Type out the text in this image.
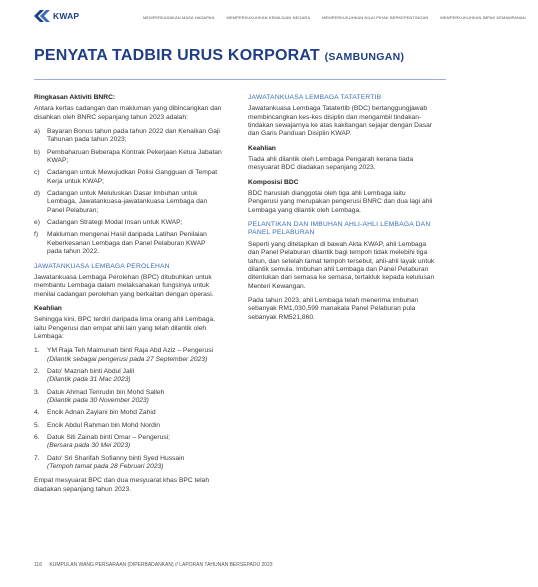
KWAP	MEMPERKASAKAN MASA HADAPAN	MEMPERKUKUHKAN KEMAJUAN NEGARA	MEMPERKUKUHKAN NILAI PIHAK BERKEPENTINGAN	MEMPERKUKUHKAN IMPAK KEMAMPANAN
PENYATA TADBIR URUS KORPORAT (SAMBUNGAN)
Ringkasan Aktiviti BNRC:

Antara kertas cadangan dan makluman yang dibincangkan dan disahkan oleh BNRC sepanjang tahun 2023 adalah:

a) Bayaran Bonus tahun pada tahun 2022 dan Kenaikan Gaji Tahunan pada tahun 2023;
b) Pembaharuan Beberapa Kontrak Pekerjaan Ketua Jabatan KWAP;
c) Cadangan untuk Mewujudkan Polisi Gangguan di Tempat Kerja untuk KWAP;
d) Cadangan untuk Meluluskan Dasar Imbuhan untuk Lembaga, Jawatankuasa-jawatankuasa Lembaga dan Panel Pelaburan;
e) Cadangan Strategi Modal Insan untuk KWAP;
f) Makluman mengenai Hasil daripada Latihan Penilaian Keberkesanan Lembaga dan Panel Pelaburan KWAP pada tahun 2022.
JAWATANKUASA LEMBAGA PEROLEHAN

Jawatankuasa Lembaga Perolehan (BPC) ditubuhkan untuk membantu Lembaga dalam melaksanakan fungsinya untuk menilai cadangan perolehan yang berkaitan dengan operasi.

Keahlian

Sehingga kini, BPC terdiri daripada lima orang ahli Lembaga, iaitu Pengerusi dan empat ahli lain yang telah dilantik oleh Lembaga:

1. YM Raja Teh Maimunah binti Raja Abd Aziz – Pengerusi
(Dilantik sebagai pengerusi pada 27 September 2023)
2. Dato' Maznah binti Abdul Jalil
(Dilantik pada 31 Mac 2023)
3. Datuk Ahmad Terirudin bin Mohd Salleh
(Dilantik pada 30 November 2023)
4. Encik Adnan Zaylani bin Mohd Zahid
5. Encik Abdul Rahman bin Mohd Nordin
6. Datuk Siti Zainab binti Omar – Pengerusi;
(Bersara pada 30 Mei 2023)
7. Dato' Sri Sharifah Sofianny binti Syed Hussain
(Tempoh tamat pada 28 Februari 2023)

Empat mesyuarat BPC dan dua mesyuarat khas BPC telah diadakan sepanjang tahun 2023.

JAWATANKUASA LEMBAGA TATATERTIB

Jawatankuasa Lembaga Tatatertib (BDC) bertanggungjawab membincangkan kes-kes disiplin dan mengambil tindakan-tindakan sewajarnya ke atas kakitangan sejajar dengan Dasar dan Garis Panduan Disiplin KWAP.

Keahlian

Tiada ahli dilantik oleh Lembaga Pengarah kerana tiada mesyuarat BDC diadakan sepanjang 2023.

Komposisi BDC

BDC haruslah dianggotai oleh tiga ahli Lembaga iaitu Pengerusi yang merupakan pengerusi BNRC dan dua lagi ahli Lembaga yang dilantik oleh Lembaga.

PELANTIKAN DAN IMBUHAN AHLI-AHLI LEMBAGA DAN PANEL PELABURAN

Seperti yang ditetapkan di bawah Akta KWAP, ahli Lembaga dan Panel Pelaburan dilantik bagi tempoh tidak melebihi tiga tahun, dan setelah tamat tempoh tersebut, ahli-ahli layak untuk dilantik semula. Imbuhan ahli Lembaga dan Panel Pelaburan ditentukan dari semasa ke semasa, tertakluk kepada kelulusan Menteri Kewangan.

Pada tahun 2023, ahli Lembaga telah menerima imbuhan sebanyak RM1,030,599 manakala Panel Pelaburan pula sebanyak RM521,860.

116 KUMPULAN WANG PERSARAAN (DIPERBADANKAN) // LAPORAN TAHUNAN BERSEPADU 2023
